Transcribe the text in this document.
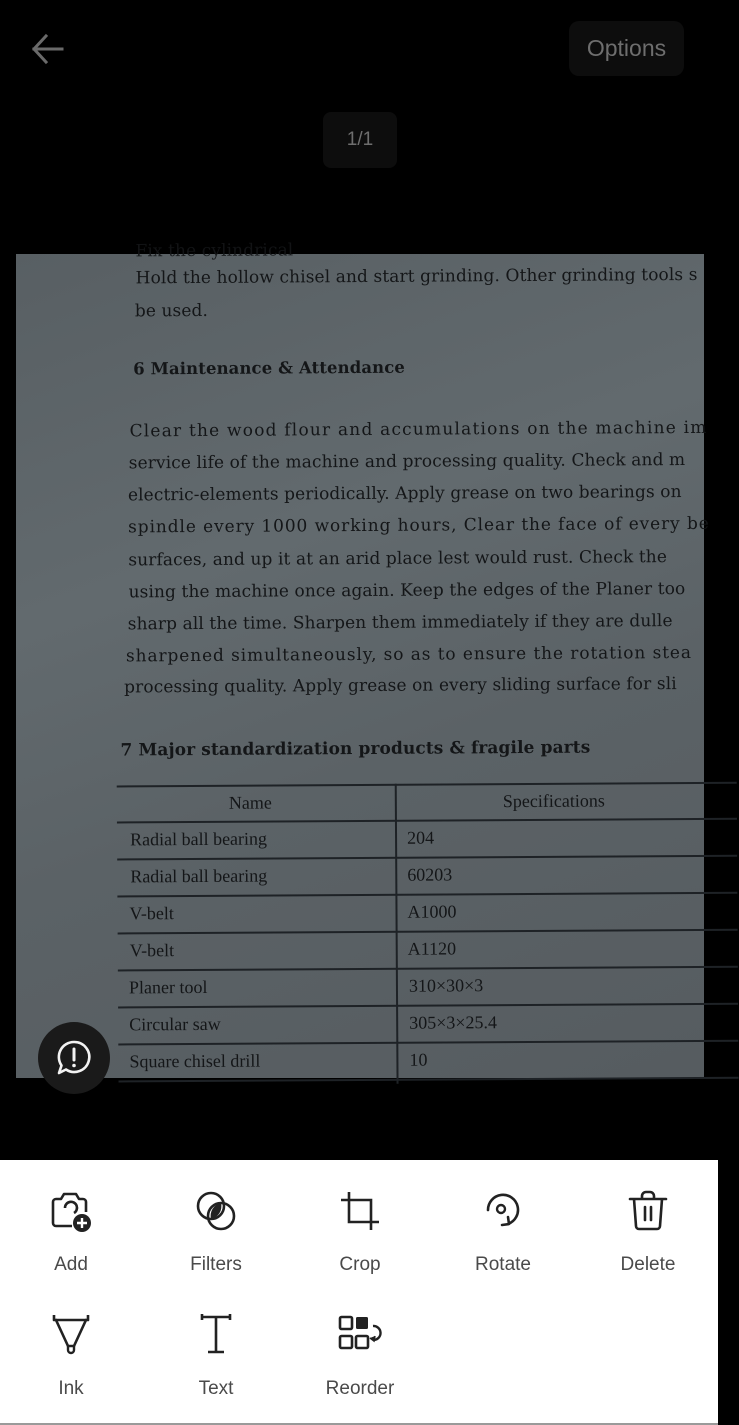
Options
1/1
Fix the cylindrical
Hold the hollow chisel and start grinding. Other grinding tools s
be used.
6 Maintenance & Attendance
Clear the wood flour and accumulations on the machine im
service life of the machine and processing quality. Check and m
electric-elements periodically. Apply grease on two bearings on
spindle every 1000 working hours, Clear the face of every be
surfaces, and up it at an arid place lest would rust. Check the
using the machine once again. Keep the edges of the Planer too
sharp all the time. Sharpen them immediately if they are dulle
sharpened simultaneously, so as to ensure the rotation stea
processing quality. Apply grease on every sliding surface for sli
7 Major standardization products & fragile parts
Name	Specifications
Radial ball bearing	204
Radial ball bearing	60203
V-belt	A1000
V-belt	A1120
Planer tool	310×30×3
Circular saw	305×3×25.4
Square chisel drill	10
Add	Filters	Crop	Rotate	Delete
Ink	Text	Reorder
